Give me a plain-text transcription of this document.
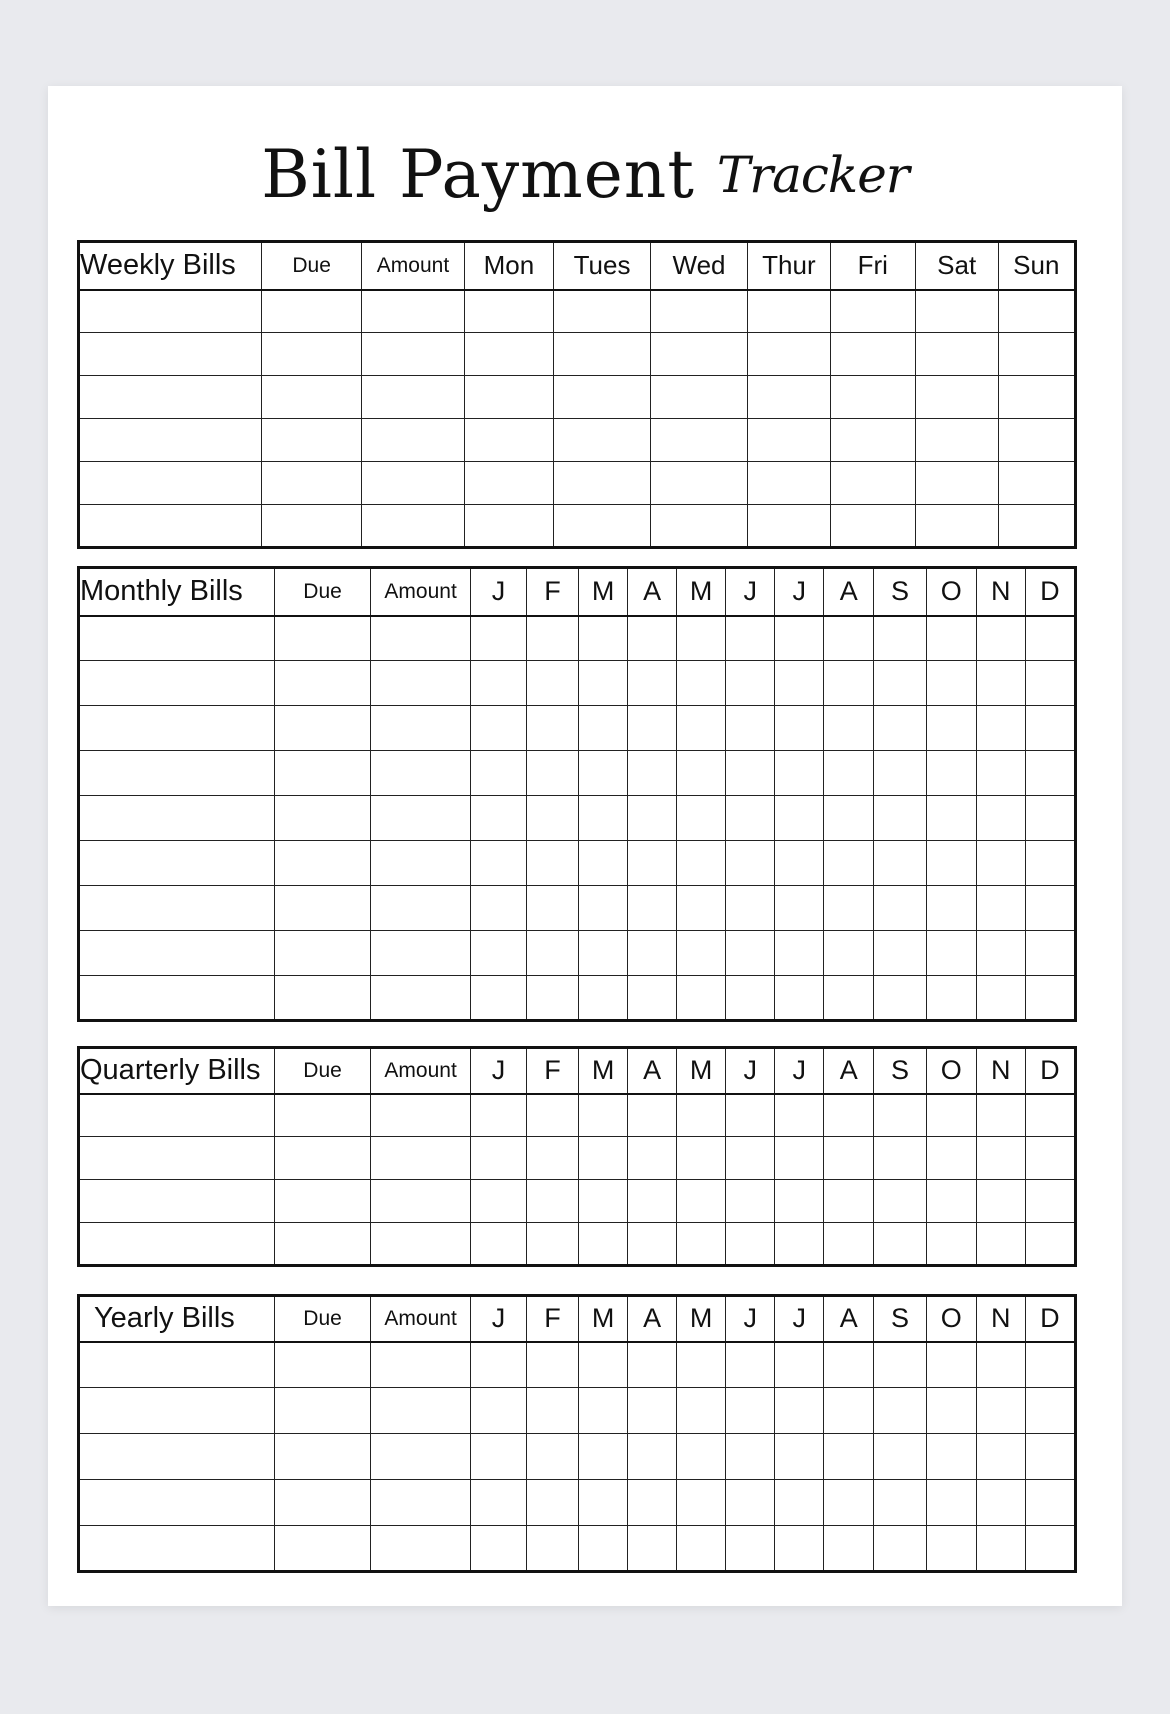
Bill Payment Tracker
Weekly Bills	Due	Amount	Mon	Tues	Wed	Thur	Fri	Sat	Sun

Monthly Bills	Due	Amount	J	F	M	A	M	J	J	A	S	O	N	D

Quarterly Bills	Due	Amount	J	F	M	A	M	J	J	A	S	O	N	D

Yearly Bills	Due	Amount	J	F	M	A	M	J	J	A	S	O	N	D
